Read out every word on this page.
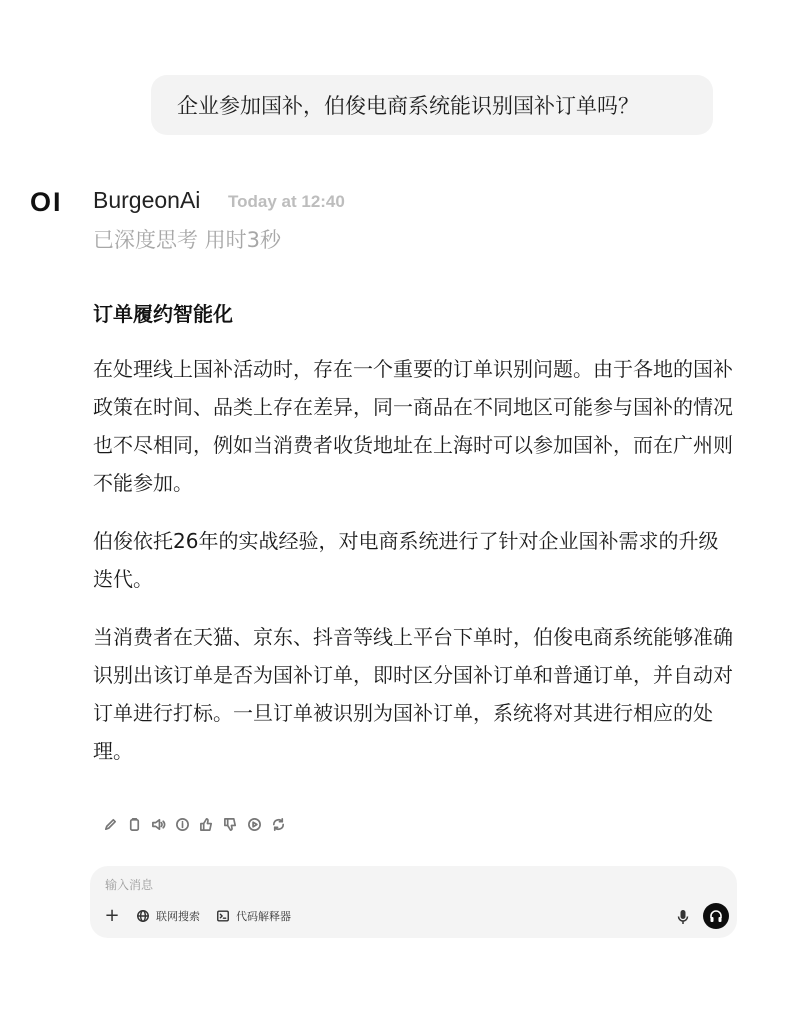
企业参加国补，伯俊电商系统能识别国补订单吗？
OI BurgeonAi Today at 12:40
已深度思考 用时3秒
订单履约智能化

在处理线上国补活动时，存在一个重要的订单识别问题。由于各地的国补政策在时间、品类上存在差异，同一商品在不同地区可能参与国补的情况也不尽相同，例如当消费者收货地址在上海时可以参加国补，而在广州则不能参加。

伯俊依托26年的实战经验，对电商系统进行了针对企业国补需求的升级迭代。

当消费者在天猫、京东、抖音等线上平台下单时，伯俊电商系统能够准确识别出该订单是否为国补订单，即时区分国补订单和普通订单，并自动对订单进行打标。一旦订单被识别为国补订单，系统将对其进行相应的处理。

输入消息
+	联网搜索	代码解释器
